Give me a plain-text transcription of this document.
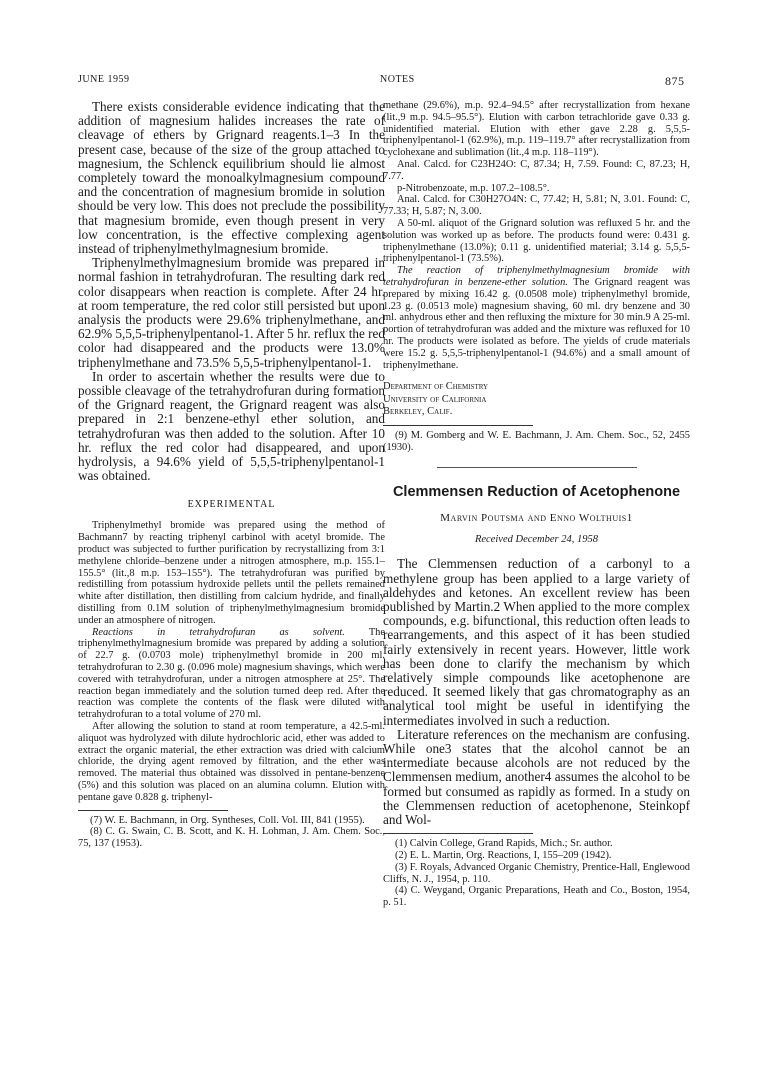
JUNE 1959	NOTES	875

There exists considerable evidence indicating that the addition of magnesium halides increases the rate of cleavage of ethers by Grignard reagents.1–3 In the present case, because of the size of the group attached to magnesium, the Schlenck equilibrium should lie almost completely toward the monoalkylmagnesium compound and the concentration of magnesium bromide in solution should be very low. This does not preclude the possibility that magnesium bromide, even though present in very low concentration, is the effective complexing agent instead of triphenylmethylmagnesium bromide.

Triphenylmethylmagnesium bromide was prepared in normal fashion in tetrahydrofuran. The resulting dark red color disappears when reaction is complete. After 24 hr. at room temperature, the red color still persisted but upon analysis the products were 29.6% triphenylmethane, and 62.9% 5,5,5-triphenylpentanol-1. After 5 hr. reflux the red color had disappeared and the products were 13.0% triphenylmethane and 73.5% 5,5,5-triphenylpentanol-1.

In order to ascertain whether the results were due to possible cleavage of the tetrahydrofuran during formation of the Grignard reagent, the Grignard reagent was also prepared in 2:1 benzene-ethyl ether solution, and tetrahydrofuran was then added to the solution. After 10 hr. reflux the red color had disappeared, and upon hydrolysis, a 94.6% yield of 5,5,5-triphenylpentanol-1 was obtained.

EXPERIMENTAL

Triphenylmethyl bromide was prepared using the method of Bachmann7 by reacting triphenyl carbinol with acetyl bromide. The product was subjected to further purification by recrystallizing from 3:1 methylene chloride–benzene under a nitrogen atmosphere, m.p. 155.1–155.5° (lit.,8 m.p. 153–155°). The tetrahydrofuran was purified by redistilling from potassium hydroxide pellets until the pellets remained white after distillation, then distilling from calcium hydride, and finally distilling from 0.1M solution of triphenylmethylmagnesium bromide under an atmosphere of nitrogen.

Reactions in tetrahydrofuran as solvent. The triphenylmethylmagnesium bromide was prepared by adding a solution of 22.7 g. (0.0703 mole) triphenylmethyl bromide in 200 ml. tetrahydrofuran to 2.30 g. (0.096 mole) magnesium shavings, which were covered with tetrahydrofuran, under a nitrogen atmosphere at 25°. The reaction began immediately and the solution turned deep red. After the reaction was complete the contents of the flask were diluted with tetrahydrofuran to a total volume of 270 ml.

After allowing the solution to stand at room temperature, a 42.5-ml. aliquot was hydrolyzed with dilute hydrochloric acid, ether was added to extract the organic material, the ether extraction was dried with calcium chloride, the drying agent removed by filtration, and the ether was removed. The material thus obtained was dissolved in pentane-benzene (5%) and this solution was placed on an alumina column. Elution with pentane gave 0.828 g. triphenyl-

(7) W. E. Bachmann, in Org. Syntheses, Coll. Vol. III, 841 (1955).

(8) C. G. Swain, C. B. Scott, and K. H. Lohman, J. Am. Chem. Soc., 75, 137 (1953).

methane (29.6%), m.p. 92.4–94.5° after recrystallization from hexane (lit.,9 m.p. 94.5–95.5°). Elution with carbon tetrachloride gave 0.33 g. unidentified material. Elution with ether gave 2.28 g. 5,5,5-triphenylpentanol-1 (62.9%), m.p. 119–119.7° after recrystallization from cyclohexane and sublimation (lit.,4 m.p. 118–119°).

Anal. Calcd. for C23H24O: C, 87.34; H, 7.59. Found: C, 87.23; H, 7.77.

p-Nitrobenzoate, m.p. 107.2–108.5°.

Anal. Calcd. for C30H27O4N: C, 77.42; H, 5.81; N, 3.01. Found: C, 77.33; H, 5.87; N, 3.00.

A 50-ml. aliquot of the Grignard solution was refluxed 5 hr. and the solution was worked up as before. The products found were: 0.431 g. triphenylmethane (13.0%); 0.11 g. unidentified material; 3.14 g. 5,5,5-triphenylpentanol-1 (73.5%).

The reaction of triphenylmethylmagnesium bromide with tetrahydrofuran in benzene-ether solution. The Grignard reagent was prepared by mixing 16.42 g. (0.0508 mole) triphenylmethyl bromide, 1.23 g. (0.0513 mole) magnesium shaving, 60 ml. dry benzene and 30 ml. anhydrous ether and then refluxing the mixture for 30 min.9 A 25-ml. portion of tetrahydrofuran was added and the mixture was refluxed for 10 hr. The products were isolated as before. The yields of crude materials were 15.2 g. 5,5,5-triphenylpentanol-1 (94.6%) and a small amount of triphenylmethane.

Department of Chemistry
University of California
Berkeley, Calif.

(9) M. Gomberg and W. E. Bachmann, J. Am. Chem. Soc., 52, 2455 (1930).

Clemmensen Reduction of Acetophenone
Marvin Poutsma and Enno Wolthuis1
Received December 24, 1958

The Clemmensen reduction of a carbonyl to a methylene group has been applied to a large variety of aldehydes and ketones. An excellent review has been published by Martin.2 When applied to the more complex compounds, e.g. bifunctional, this reduction often leads to rearrangements, and this aspect of it has been studied fairly extensively in recent years. However, little work has been done to clarify the mechanism by which relatively simple compounds like acetophenone are reduced. It seemed likely that gas chromatography as an analytical tool might be useful in identifying the intermediates involved in such a reduction.

Literature references on the mechanism are confusing. While one3 states that the alcohol cannot be an intermediate because alcohols are not reduced by the Clemmensen medium, another4 assumes the alcohol to be formed but consumed as rapidly as formed. In a study on the Clemmensen reduction of acetophenone, Steinkopf and Wol-

(1) Calvin College, Grand Rapids, Mich.; Sr. author.

(2) E. L. Martin, Org. Reactions, I, 155–209 (1942).

(3) F. Royals, Advanced Organic Chemistry, Prentice-Hall, Englewood Cliffs, N. J., 1954, p. 110.

(4) C. Weygand, Organic Preparations, Heath and Co., Boston, 1954, p. 51.
